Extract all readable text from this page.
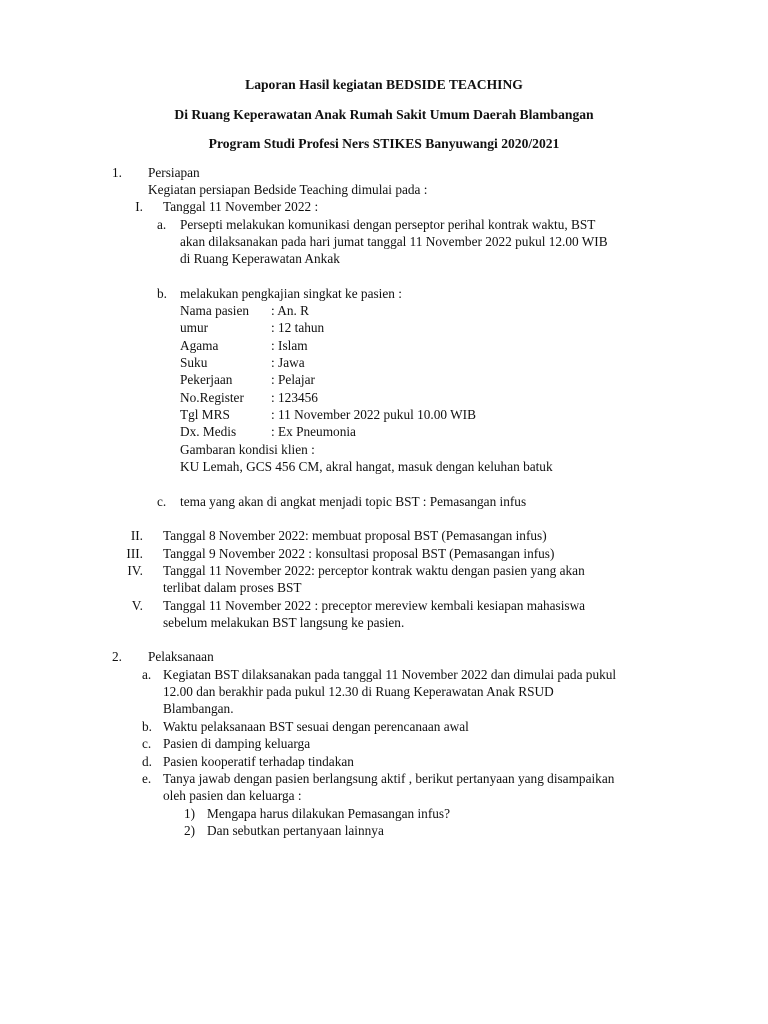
Laporan Hasil kegiatan BEDSIDE TEACHING
Di Ruang Keperawatan Anak Rumah Sakit Umum Daerah Blambangan
Program Studi Profesi Ners STIKES Banyuwangi 2020/2021
1. Persiapan
Kegiatan persiapan Bedside Teaching dimulai pada :
I. Tanggal 11 November 2022 :
a. Persepti melakukan komunikasi dengan perseptor perihal kontrak waktu, BST
akan dilaksanakan pada hari jumat tanggal 11 November 2022 pukul 12.00 WIB
di Ruang Keperawatan Ankak
b. melakukan pengkajian singkat ke pasien :
Nama pasien : An. R
umur	: 12 tahun
Agama	: Islam
Suku	: Jawa
Pekerjaan	: Pelajar
No.Register : 123456
Tgl MRS	: 11 November 2022 pukul 10.00 WIB
Dx. Medis	: Ex Pneumonia
Gambaran kondisi klien :
KU Lemah, GCS 456 CM, akral hangat, masuk dengan keluhan batuk
c. tema yang akan di angkat menjadi topic BST : Pemasangan infus
II. Tanggal 8 November 2022: membuat proposal BST (Pemasangan infus)
III. Tanggal 9 November 2022 : konsultasi proposal BST (Pemasangan infus)
IV. Tanggal 11 November 2022: perceptor kontrak waktu dengan pasien yang akan
terlibat dalam proses BST
V. Tanggal 11 November 2022 : preceptor mereview kembali kesiapan mahasiswa
sebelum melakukan BST langsung ke pasien.
2. Pelaksanaan
a. Kegiatan BST dilaksanakan pada tanggal 11 November 2022 dan dimulai pada pukul
12.00 dan berakhir pada pukul 12.30 di Ruang Keperawatan Anak RSUD
Blambangan.
b. Waktu pelaksanaan BST sesuai dengan perencanaan awal
c. Pasien di damping keluarga
d. Pasien kooperatif terhadap tindakan
e. Tanya jawab dengan pasien berlangsung aktif , berikut pertanyaan yang disampaikan
oleh pasien dan keluarga :
1) Mengapa harus dilakukan Pemasangan infus?
2) Dan sebutkan pertanyaan lainnya
